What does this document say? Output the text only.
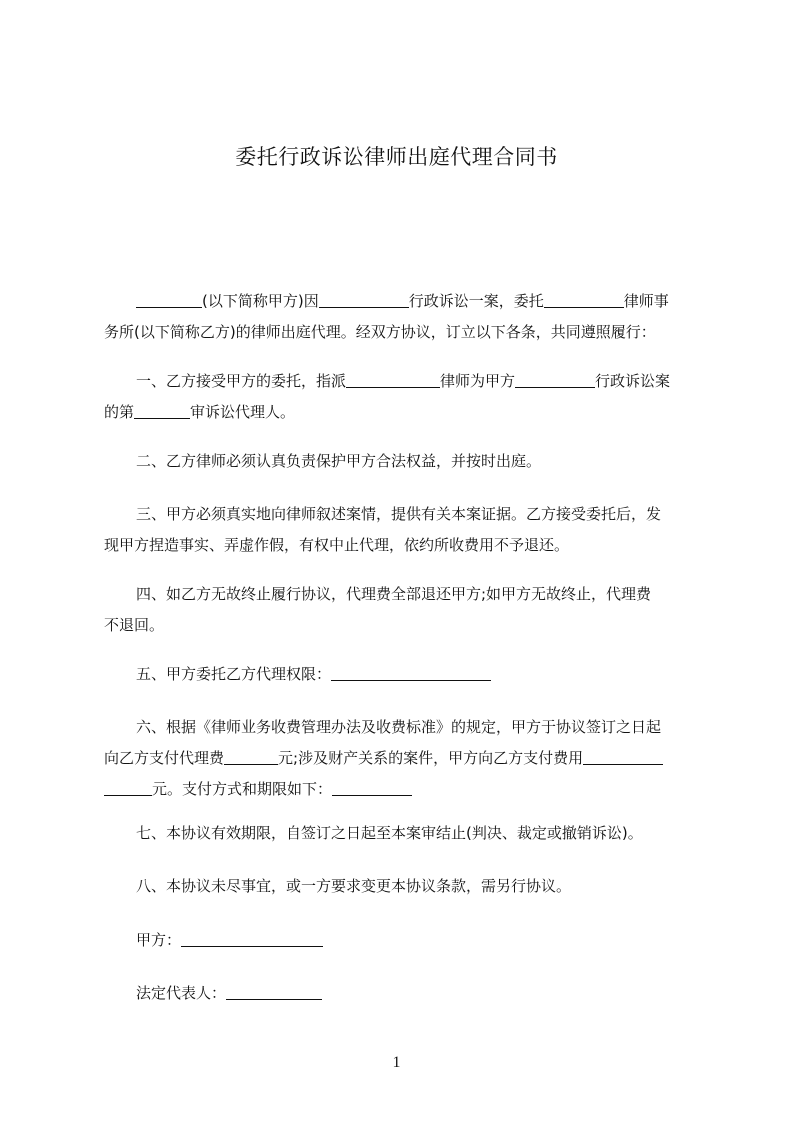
委托行政诉讼律师出庭代理合同书
(以下简称甲方)因	行政诉讼一案，委托	律师事
务所(以下简称乙方)的律师出庭代理。经双方协议，订立以下各条，共同遵照履行：
一、乙方接受甲方的委托，指派	律师为甲方	行政诉讼案
的第	审诉讼代理人。
二、乙方律师必须认真负责保护甲方合法权益，并按时出庭。
三、甲方必须真实地向律师叙述案情，提供有关本案证据。乙方接受委托后，发
现甲方捏造事实、弄虚作假，有权中止代理，依约所收费用不予退还。
四、如乙方无故终止履行协议，代理费全部退还甲方;如甲方无故终止，代理费
不退回。
五、甲方委托乙方代理权限：
六、根据《律师业务收费管理办法及收费标准》的规定，甲方于协议签订之日起
向乙方支付代理费	元;涉及财产关系的案件，甲方向乙方支付费用
元。支付方式和期限如下：
七、本协议有效期限，自签订之日起至本案审结止(判决、裁定或撤销诉讼)。
八、本协议未尽事宜，或一方要求变更本协议条款，需另行协议。
甲方：
法定代表人：
1
